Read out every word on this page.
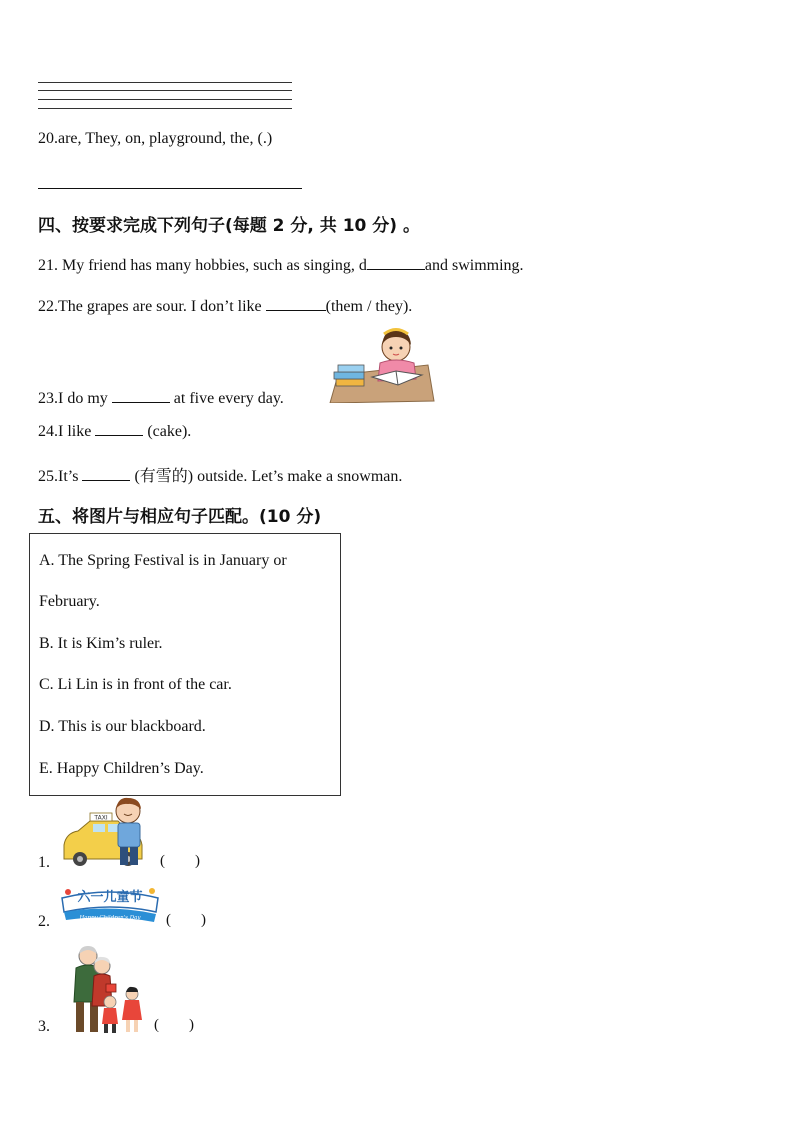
20.are, They, on, playground, the, (.)
四、按要求完成下列句子(每题 2 分, 共 10 分) 。
21. My friend has many hobbies, such as singing, d	and swimming.
22.The grapes are sour. I don’t like	(them / they).
23.I do my	at five every day.
24.I like	(cake).
25.It’s	(有雪的) outside. Let’s make a snowman.
五、将图片与相应句子匹配。(10 分)
A. The Spring Festival is in January or
February.
B. It is Kim’s ruler.
C. Li Lin is in front of the car.
D. This is our blackboard.
E. Happy Children’s Day.
1.
TAXI
(        )
2.
六一儿童节
Happy Children's Day (        )
3.	(        )
